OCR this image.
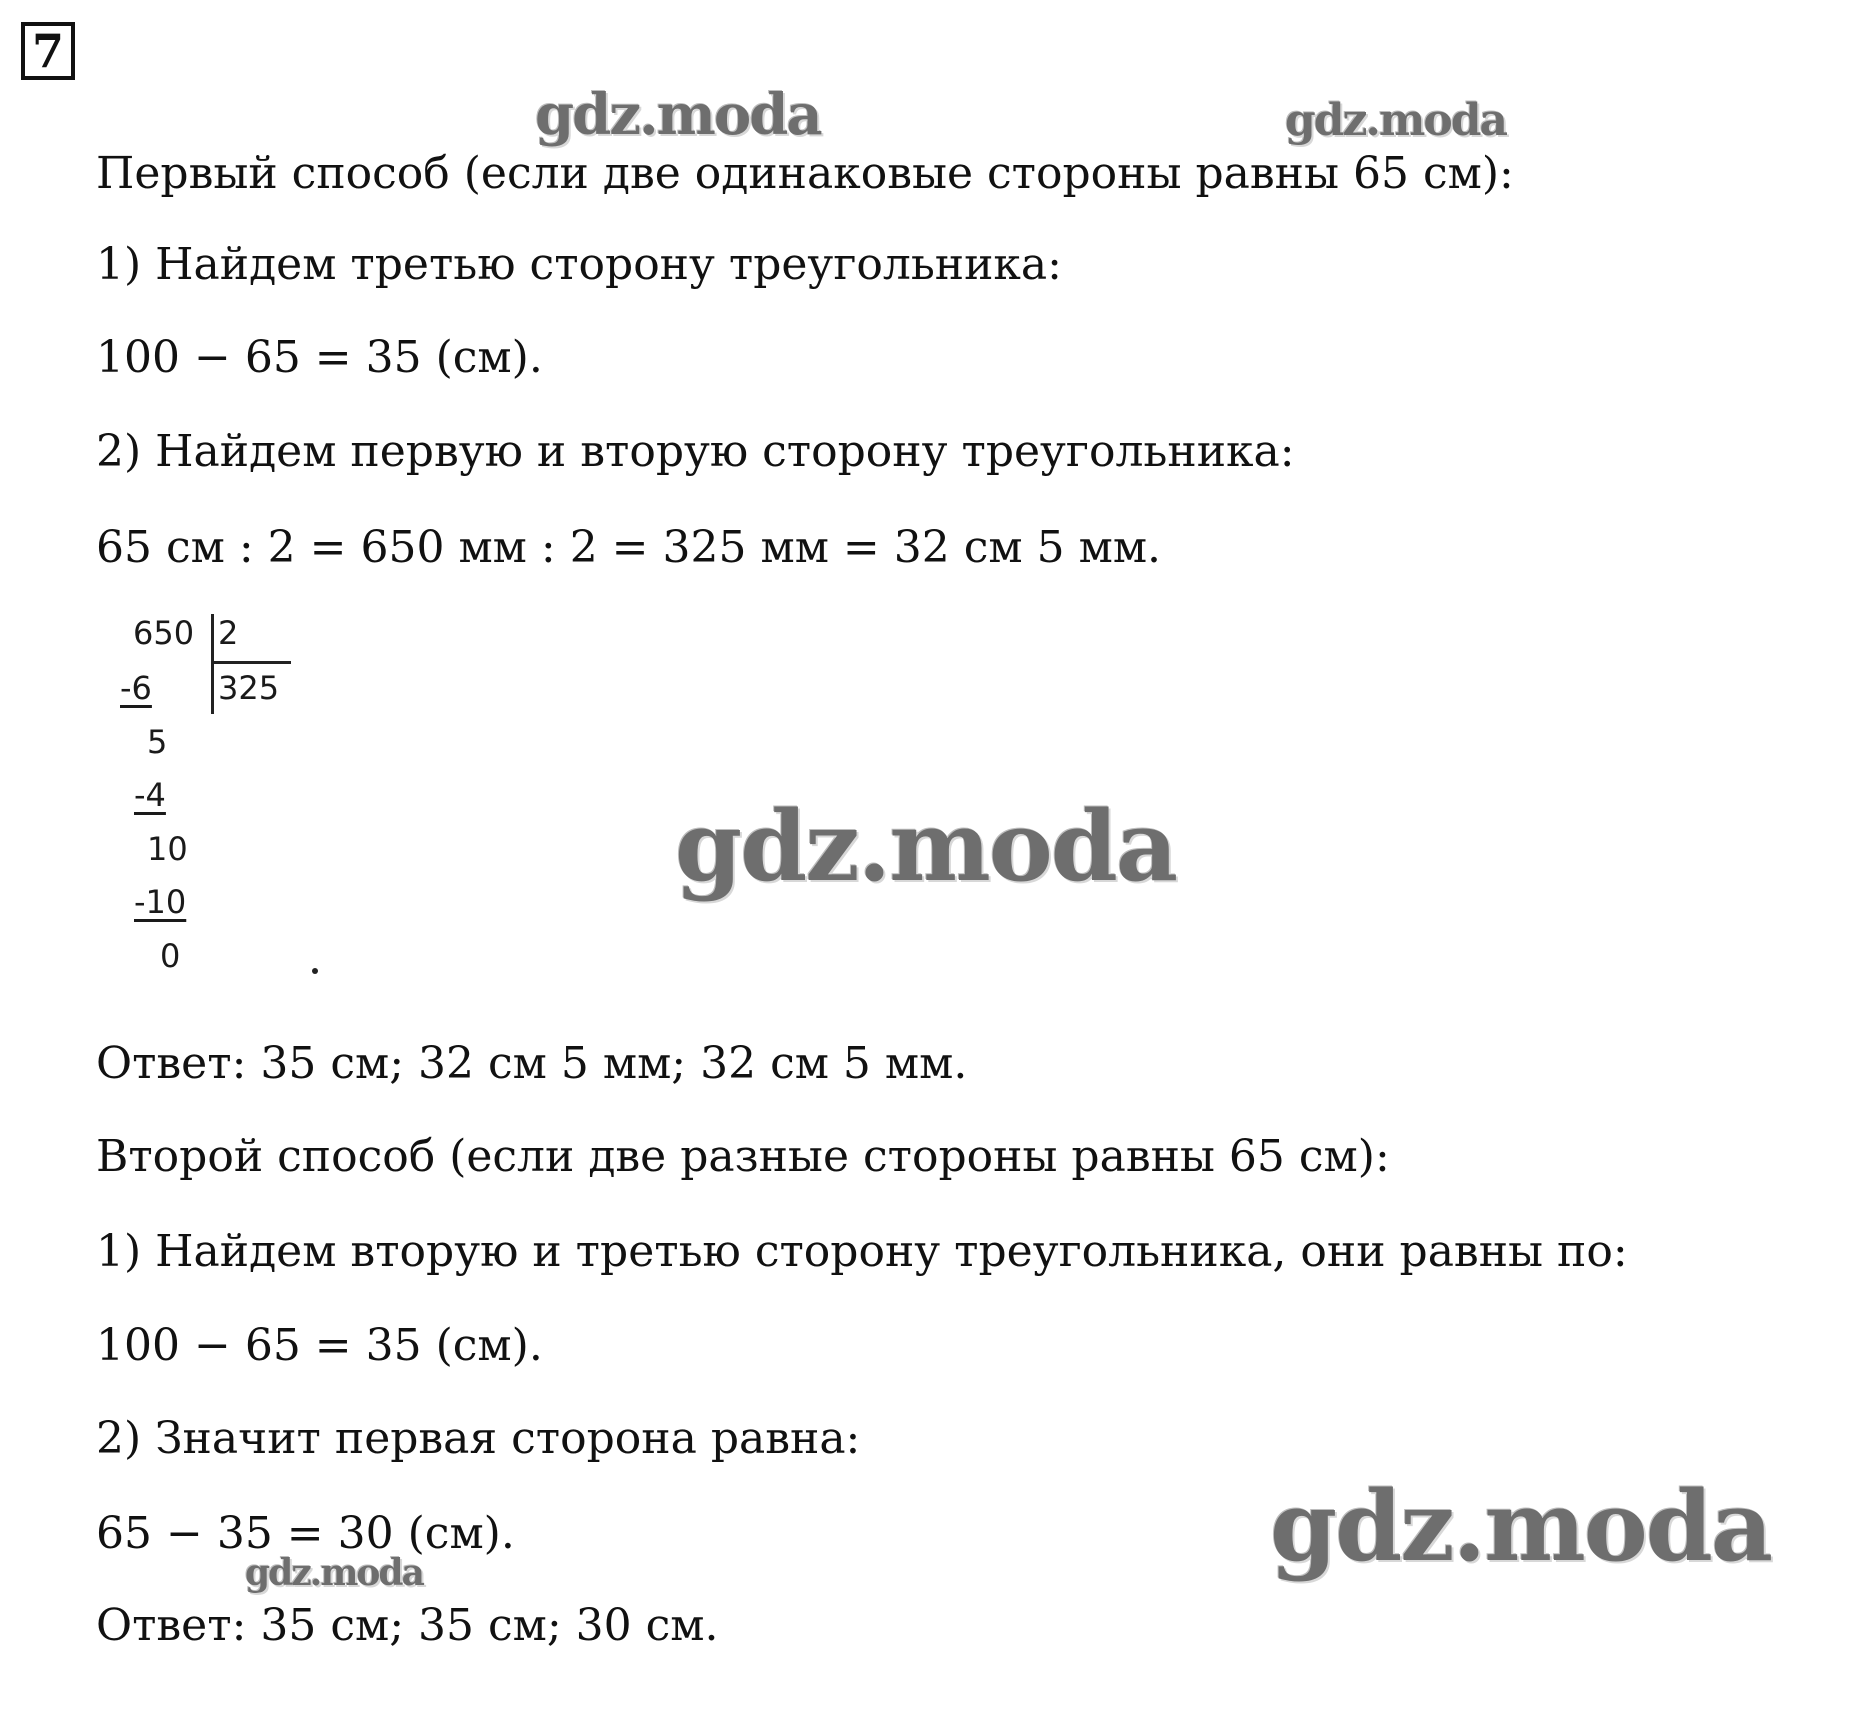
7
gdz.moda	gdz.moda
gdz.moda
gdz.moda
gdz.moda
Первый способ (если две одинаковые стороны равны 65 см):
1) Найдем третью сторону треугольника:
100 − 65 = 35 (см).
2) Найдем первую и вторую сторону треугольника:
65 см : 2 = 650 мм : 2 = 325 мм = 32 см 5 мм.
650 2
325
-6
5
-4
10
-10
0
Ответ: 35 см; 32 см 5 мм; 32 см 5 мм.
Второй способ (если две разные стороны равны 65 см):
1) Найдем вторую и третью сторону треугольника, они равны по:
100 − 65 = 35 (см).
2) Значит первая сторона равна:
65 − 35 = 30 (см).
Ответ: 35 см; 35 см; 30 см.
